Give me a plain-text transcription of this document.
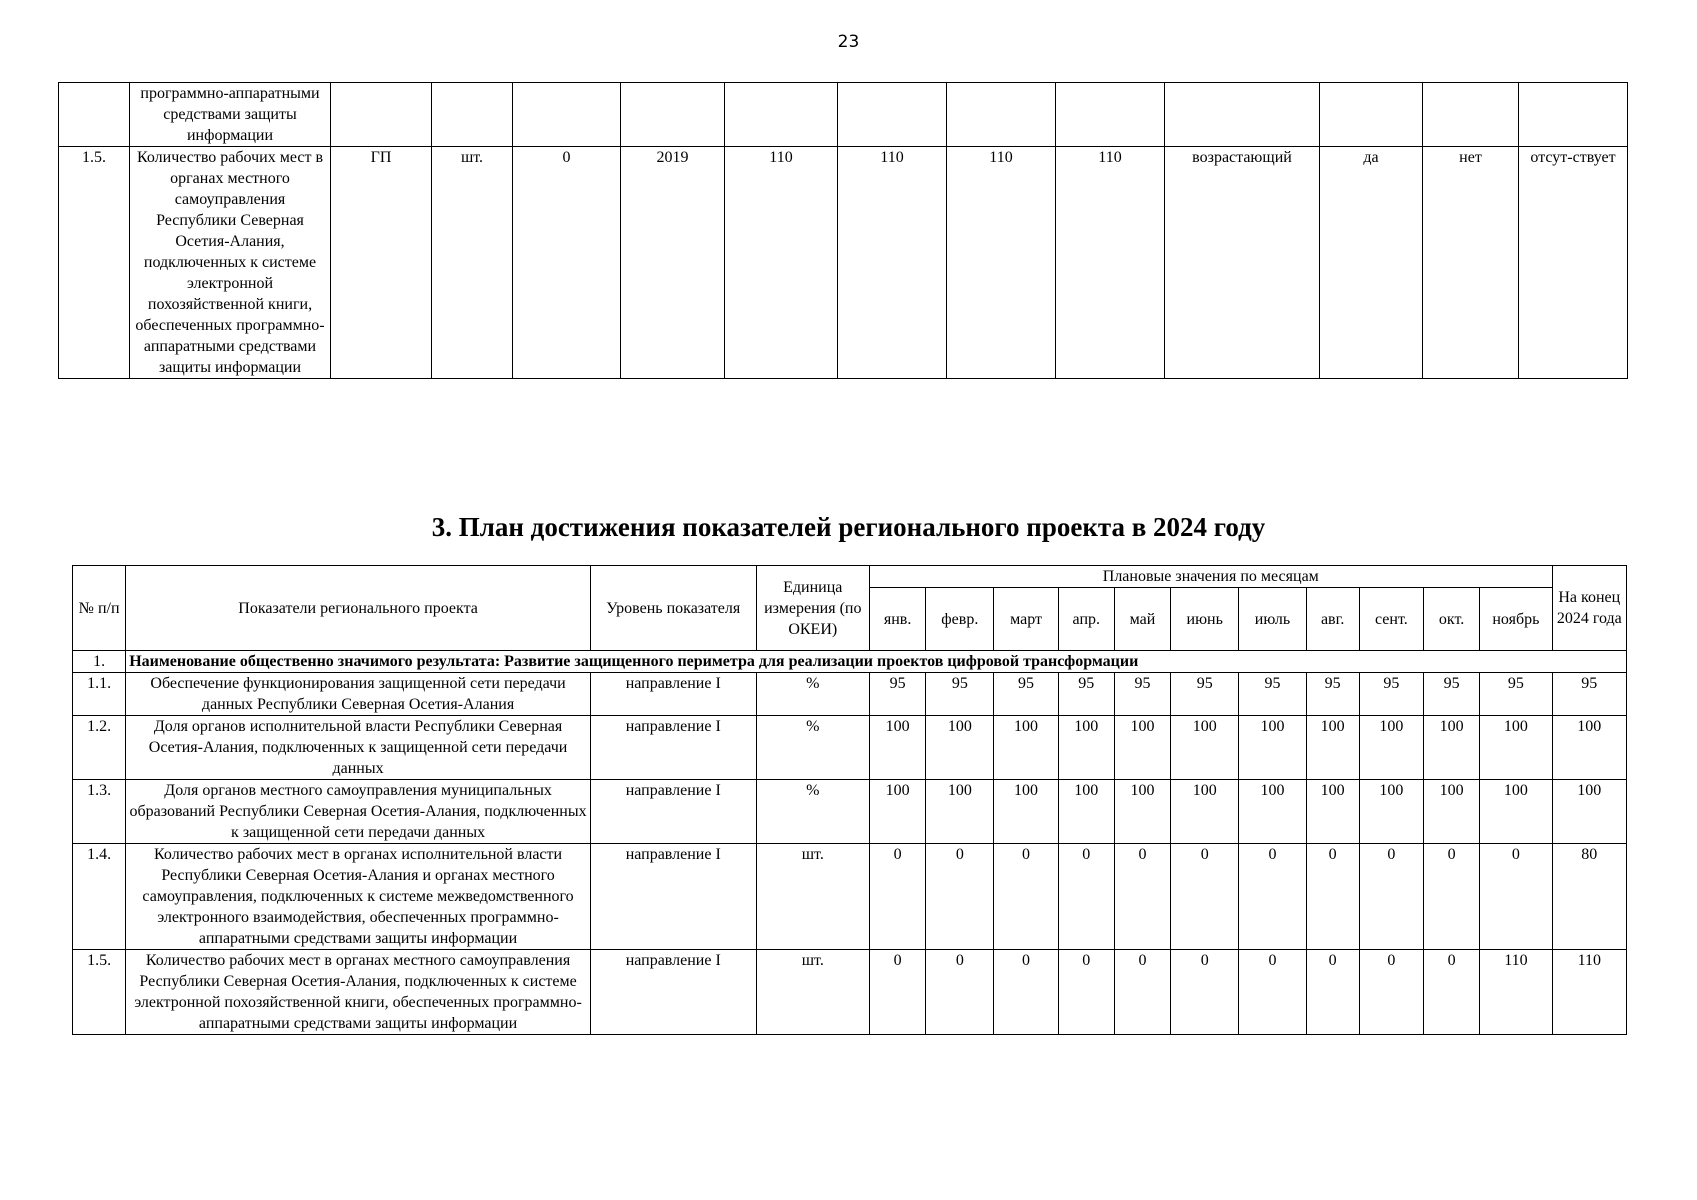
23
	программно-аппаратными средствами защиты информации												
1.5.	Количество рабочих мест в органах местного самоуправления Республики Северная Осетия-Алания, подключенных к системе электронной похозяйственной книги, обеспеченных программно-аппаратными средствами защиты информации	ГП	шт.	0	2019	110	110	110	110	возрастающий	да	нет	отсут-ствует
3. План достижения показателей регионального проекта в 2024 году
№ п/п	Показатели регионального проекта	Уровень показателя	Единица измерения (по ОКЕИ)	Плановые значения по месяцам											На конец 2024 года
				янв.	февр.	март	апр.	май	июнь	июль	авг.	сент.	окт.	ноябрь	
1.	Наименование общественно значимого результата: Развитие защищенного периметра для реализации проектов цифровой трансформации														
1.1.	Обеспечение функционирования защищенной сети передачи данных Республики Северная Осетия-Алания	направление I	%	95	95	95	95	95	95	95	95	95	95	95	95
1.2.	Доля органов исполнительной власти Республики Северная Осетия-Алания, подключенных к защищенной сети передачи данных	направление I	%	100	100	100	100	100	100	100	100	100	100	100	100
1.3.	Доля органов местного самоуправления муниципальных образований Республики Северная Осетия-Алания, подключенных к защищенной сети передачи данных	направление I	%	100	100	100	100	100	100	100	100	100	100	100	100
1.4.	Количество рабочих мест в органах исполнительной власти Республики Северная Осетия-Алания и органах местного самоуправления, подключенных к системе межведомственного электронного взаимодействия, обеспеченных программно-аппаратными средствами защиты информации	направление I	шт.	0	0	0	0	0	0	0	0	0	0	0	80
1.5.	Количество рабочих мест в органах местного самоуправления Республики Северная Осетия-Алания, подключенных к системе электронной похозяйственной книги, обеспеченных программно-аппаратными средствами защиты информации	направление I	шт.	0	0	0	0	0	0	0	0	0	0	110	110
